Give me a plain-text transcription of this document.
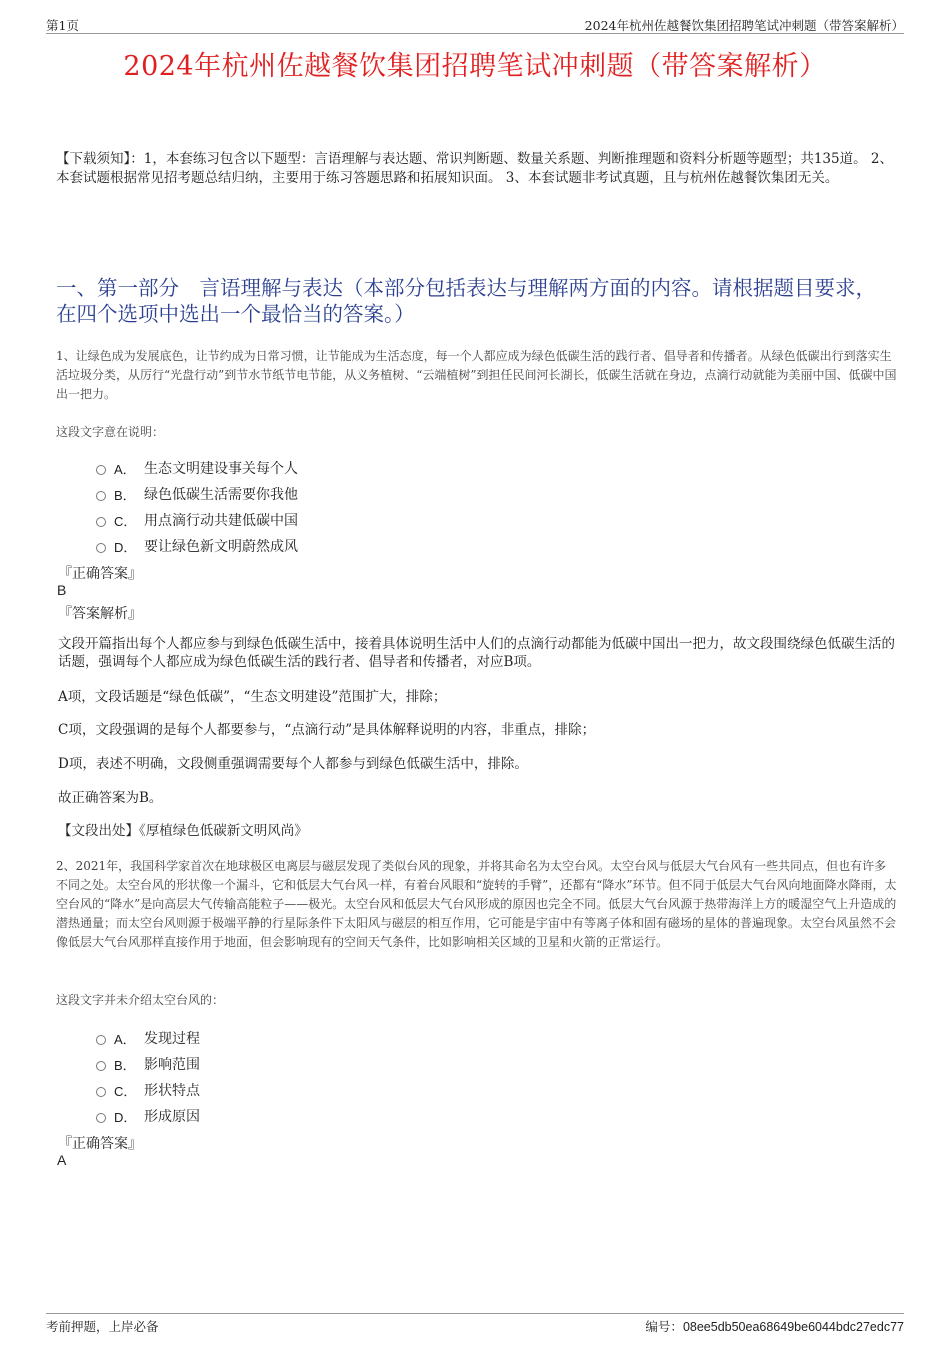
第1页	2024年杭州佐越餐饮集团招聘笔试冲刺题（带答案解析）
2024年杭州佐越餐饮集团招聘笔试冲刺题（带答案解析）
【下载须知】：1，本套练习包含以下题型：言语理解与表达题、常识判断题、数量关系题、判断推理题和资料分析题等题型；共135道。 2、本套试题根据常见招考题总结归纳，主要用于练习答题思路和拓展知识面。 3、本套试题非考试真题，且与杭州佐越餐饮集团无关。
一、第一部分　言语理解与表达（本部分包括表达与理解两方面的内容。请根据题目要求，在四个选项中选出一个最恰当的答案。）
1、让绿色成为发展底色，让节约成为日常习惯，让节能成为生活态度，每一个人都应成为绿色低碳生活的践行者、倡导者和传播者。从绿色低碳出行到落实生活垃圾分类，从厉行“光盘行动”到节水节纸节电节能，从义务植树、“云端植树”到担任民间河长湖长，低碳生活就在身边，点滴行动就能为美丽中国、低碳中国出一把力。
这段文字意在说明：
A． 生态文明建设事关每个人
B． 绿色低碳生活需要你我他
C． 用点滴行动共建低碳中国
D． 要让绿色新文明蔚然成风
『正确答案』
B
『答案解析』
文段开篇指出每个人都应参与到绿色低碳生活中，接着具体说明生活中人们的点滴行动都能为低碳中国出一把力，故文段围绕绿色低碳生活的话题，强调每个人都应成为绿色低碳生活的践行者、倡导者和传播者，对应B项。
A项，文段话题是“绿色低碳”，“生态文明建设”范围扩大，排除；
C项，文段强调的是每个人都要参与，“点滴行动”是具体解释说明的内容，非重点，排除；
D项，表述不明确，文段侧重强调需要每个人都参与到绿色低碳生活中，排除。
故正确答案为B。
【文段出处】《厚植绿色低碳新文明风尚》
2、2021年，我国科学家首次在地球极区电离层与磁层发现了类似台风的现象，并将其命名为太空台风。太空台风与低层大气台风有一些共同点，但也有许多不同之处。太空台风的形状像一个漏斗，它和低层大气台风一样，有着台风眼和“旋转的手臂”，还都有“降水”环节。但不同于低层大气台风向地面降水降雨，太空台风的“降水”是向高层大气传输高能粒子——极光。太空台风和低层大气台风形成的原因也完全不同。低层大气台风源于热带海洋上方的暖湿空气上升造成的潜热通量；而太空台风则源于极端平静的行星际条件下太阳风与磁层的相互作用，它可能是宇宙中有等离子体和固有磁场的星体的普遍现象。太空台风虽然不会像低层大气台风那样直接作用于地面，但会影响现有的空间天气条件，比如影响相关区域的卫星和火箭的正常运行。
这段文字并未介绍太空台风的：
A． 发现过程
B． 影响范围
C． 形状特点
D． 形成原因
『正确答案』
A
考前押题，上岸必备	编号：08ee5db50ea68649be6044bdc27edc77
